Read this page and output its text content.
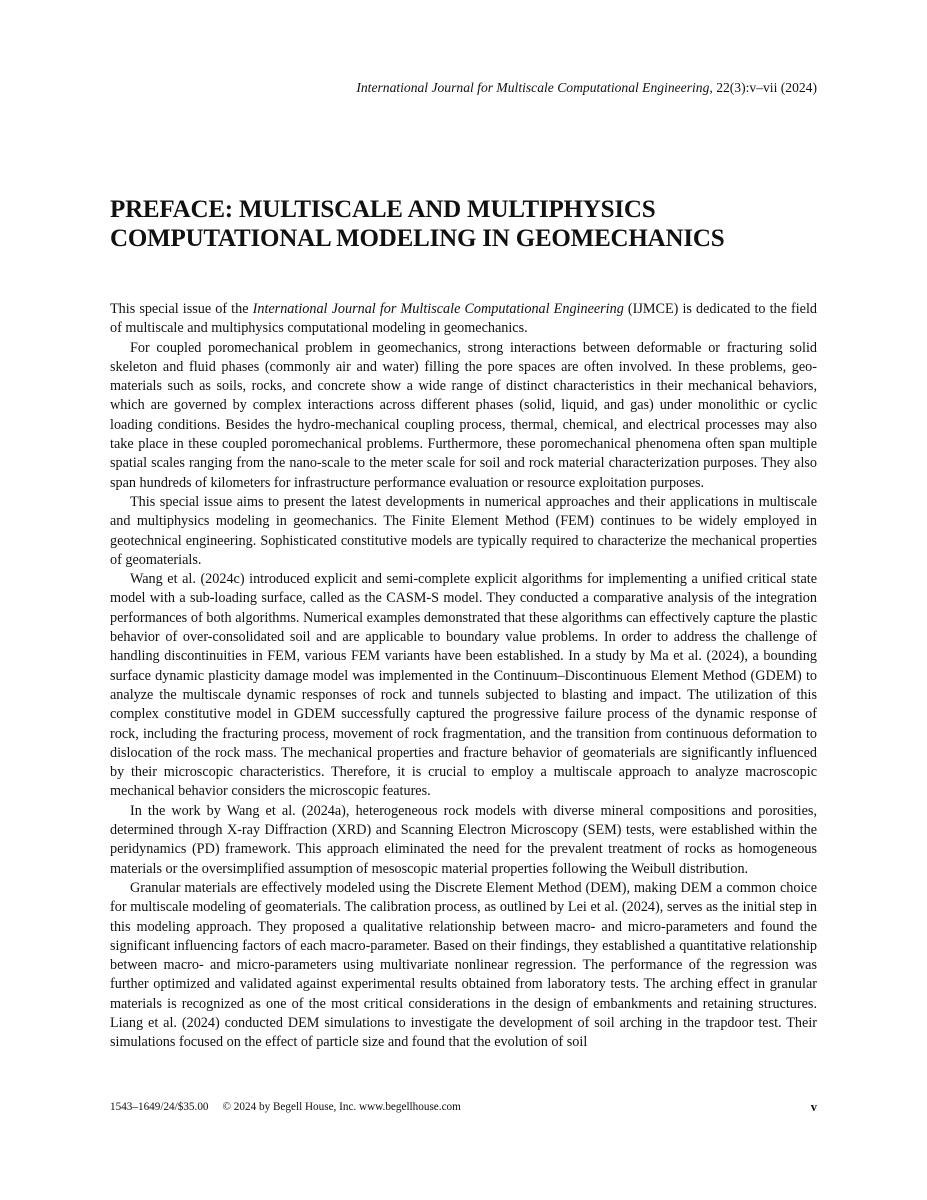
International Journal for Multiscale Computational Engineering, 22(3):v–vii (2024)

PREFACE: MULTISCALE AND MULTIPHYSICS
COMPUTATIONAL MODELING IN GEOMECHANICS

This special issue of the International Journal for Multiscale Computational Engineering (IJMCE) is dedicated to the field of multiscale and multiphysics computational modeling in geomechanics.

For coupled poromechanical problem in geomechanics, strong interactions between deformable or fracturing solid skeleton and fluid phases (commonly air and water) filling the pore spaces are often involved. In these problems, geomaterials such as soils, rocks, and concrete show a wide range of distinct characteristics in their mechanical behaviors, which are governed by complex interactions across different phases (solid, liquid, and gas) under monolithic or cyclic loading conditions. Besides the hydro-mechanical coupling process, thermal, chemical, and electrical processes may also take place in these coupled poromechanical problems. Furthermore, these poromechanical phenomena often span multiple spatial scales ranging from the nano-scale to the meter scale for soil and rock material characterization purposes. They also span hundreds of kilometers for infrastructure performance evaluation or resource exploitation purposes.

This special issue aims to present the latest developments in numerical approaches and their applications in multiscale and multiphysics modeling in geomechanics. The Finite Element Method (FEM) continues to be widely employed in geotechnical engineering. Sophisticated constitutive models are typically required to characterize the mechanical properties of geomaterials.

Wang et al. (2024c) introduced explicit and semi-complete explicit algorithms for implementing a unified critical state model with a sub-loading surface, called as the CASM-S model. They conducted a comparative analysis of the integration performances of both algorithms. Numerical examples demonstrated that these algorithms can effectively capture the plastic behavior of over-consolidated soil and are applicable to boundary value problems. In order to address the challenge of handling discontinuities in FEM, various FEM variants have been established. In a study by Ma et al. (2024), a bounding surface dynamic plasticity damage model was implemented in the Continuum–Discontinuous Element Method (GDEM) to analyze the multiscale dynamic responses of rock and tunnels subjected to blasting and impact. The utilization of this complex constitutive model in GDEM successfully captured the progressive failure process of the dynamic response of rock, including the fracturing process, movement of rock fragmentation, and the transition from continuous deformation to dislocation of the rock mass. The mechanical properties and fracture behavior of geomaterials are significantly influenced by their microscopic characteristics. Therefore, it is crucial to employ a multiscale approach to analyze macroscopic mechanical behavior considers the microscopic features.

In the work by Wang et al. (2024a), heterogeneous rock models with diverse mineral compositions and porosities, determined through X-ray Diffraction (XRD) and Scanning Electron Microscopy (SEM) tests, were established within the peridynamics (PD) framework. This approach eliminated the need for the prevalent treatment of rocks as homogeneous materials or the oversimplified assumption of mesoscopic material properties following the Weibull distribution.

Granular materials are effectively modeled using the Discrete Element Method (DEM), making DEM a common choice for multiscale modeling of geomaterials. The calibration process, as outlined by Lei et al. (2024), serves as the initial step in this modeling approach. They proposed a qualitative relationship between macro- and micro-parameters and found the significant influencing factors of each macro-parameter. Based on their findings, they established a quantitative relationship between macro- and micro-parameters using multivariate nonlinear regression. The performance of the regression was further optimized and validated against experimental results obtained from laboratory tests. The arching effect in granular materials is recognized as one of the most critical considerations in the design of embankments and retaining structures. Liang et al. (2024) conducted DEM simulations to investigate the development of soil arching in the trapdoor test. Their simulations focused on the effect of particle size and found that the evolution of soil

1543–1649/24/$35.00 © 2024 by Begell House, Inc. www.begellhouse.com	v
